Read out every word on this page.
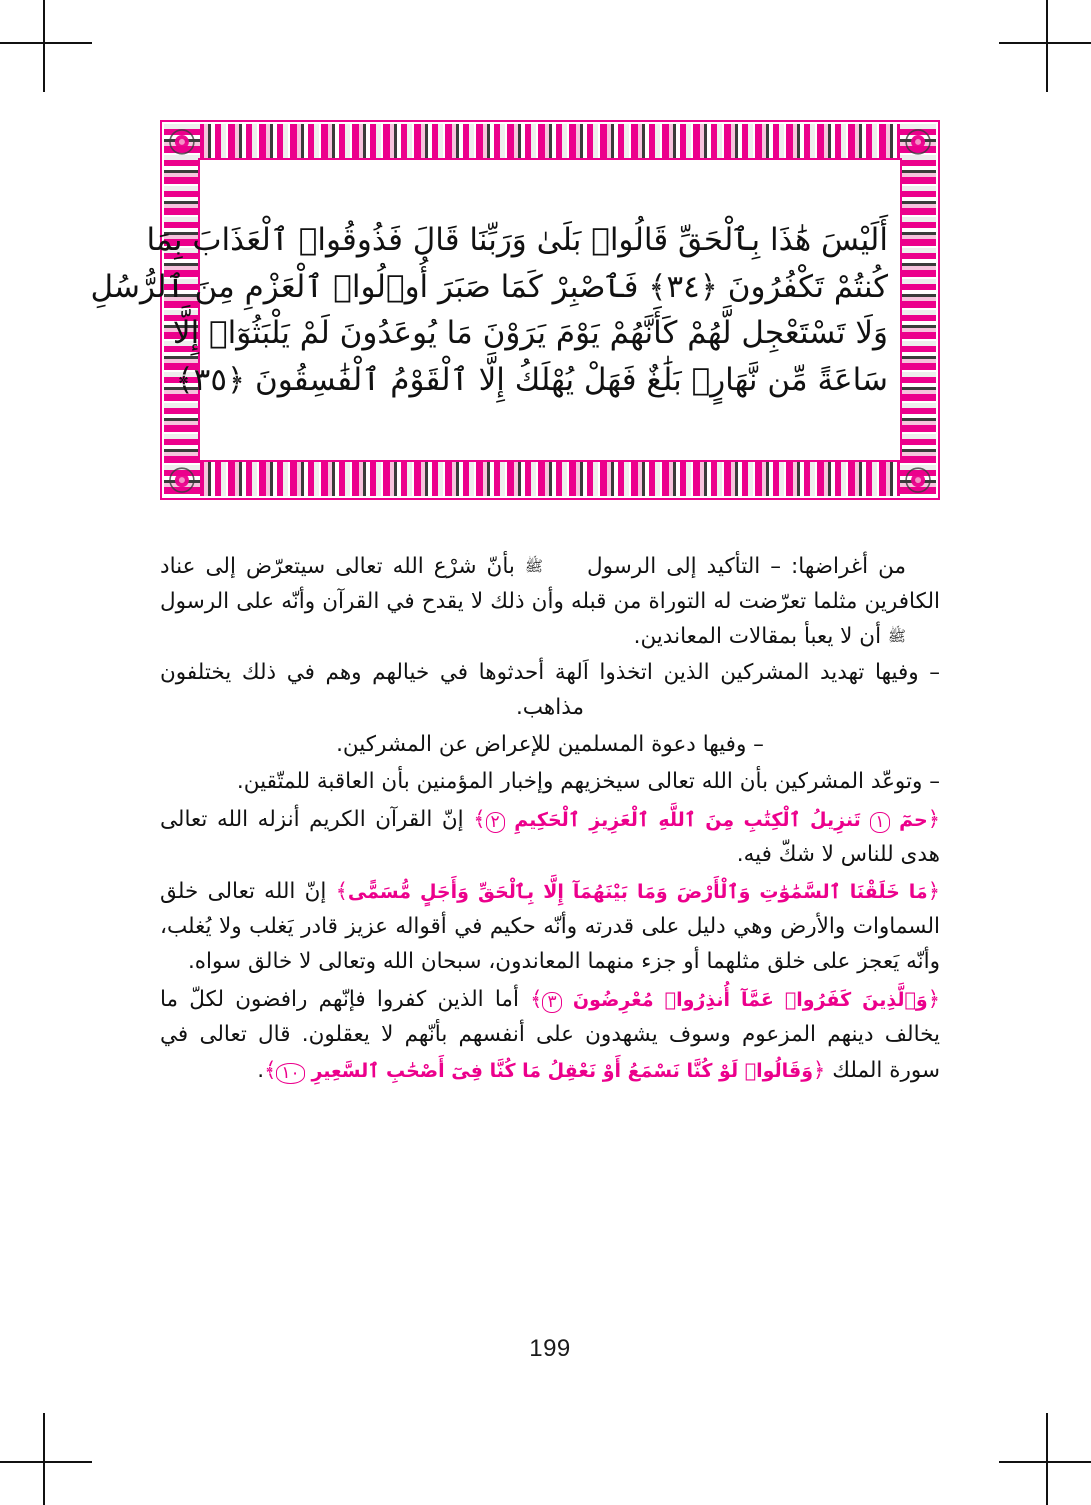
أَلَيْسَ هَٰذَا بِٱلْحَقِّ قَالُوا۟ بَلَىٰ وَرَبِّنَا قَالَ فَذُوقُوا۟ ٱلْعَذَابَ بِمَا
كُنتُمْ تَكْفُرُونَ ﴿٣٤﴾ فَٱصْبِرْ كَمَا صَبَرَ أُو۟لُوا۟ ٱلْعَزْمِ مِنَ ٱلرُّسُلِ
وَلَا تَسْتَعْجِل لَّهُمْ كَأَنَّهُمْ يَوْمَ يَرَوْنَ مَا يُوعَدُونَ لَمْ يَلْبَثُوٓا۟ إِلَّا
سَاعَةً مِّن نَّهَارٍۭ بَلَٰغٌ فَهَلْ يُهْلَكُ إِلَّا ٱلْقَوْمُ ٱلْفَٰسِقُونَ ﴿٣٥﴾

من أغراضها: – التأكيد إلى الرسول ﷺ بأنّ شرْع الله تعالى سيتعرّض إلى عناد الكافرين مثلما تعرّضت له التوراة من قبله وأن ذلك لا يقدح في القرآن وأنّه على الرسول ﷺ أن لا يعبأ بمقالات المعاندين.

– وفيها تهديد المشركين الذين اتخذوا اَلهة أحدثوها في خيالهم وهم في ذلك يختلفون مذاهب.

– وفيها دعوة المسلمين للإعراض عن المشركين.

– وتوعّد المشركين بأن الله تعالى سيخزيهم وإخبار المؤمنين بأن العاقبة للمتّقين.

﴿حمٓ ١ تَنزِيلُ ٱلْكِتَٰبِ مِنَ ٱللَّهِ ٱلْعَزِيزِ ٱلْحَكِيمِ ٢﴾ إنّ القرآن الكريم أنزله الله تعالى هدى للناس لا شكّ فيه.

﴿مَا خَلَقْنَا ٱلسَّمَٰوَٰتِ وَٱلْأَرْضَ وَمَا بَيْنَهُمَآ إِلَّا بِٱلْحَقِّ وَأَجَلٍ مُّسَمًّى﴾ إنّ الله تعالى خلق السماوات والأرض وهي دليل على قدرته وأنّه حكيم في أقواله عزيز قادر يَغلب ولا يُغلب، وأنّه يَعجز على خلق مثلهما أو جزء منهما المعاندون، سبحان الله وتعالى لا خالق سواه.

﴿وَٱلَّذِينَ كَفَرُوا۟ عَمَّآ أُنذِرُوا۟ مُعْرِضُونَ ٣﴾ أما الذين كفروا فإنّهم رافضون لكلّ ما يخالف دينهم المزعوم وسوف يشهدون على أنفسهم بأنّهم لا يعقلون. قال تعالى في سورة الملك ﴿وَقَالُوا۟ لَوْ كُنَّا نَسْمَعُ أَوْ نَعْقِلُ مَا كُنَّا فِىٓ أَصْحَٰبِ ٱلسَّعِيرِ ١٠﴾.

199
